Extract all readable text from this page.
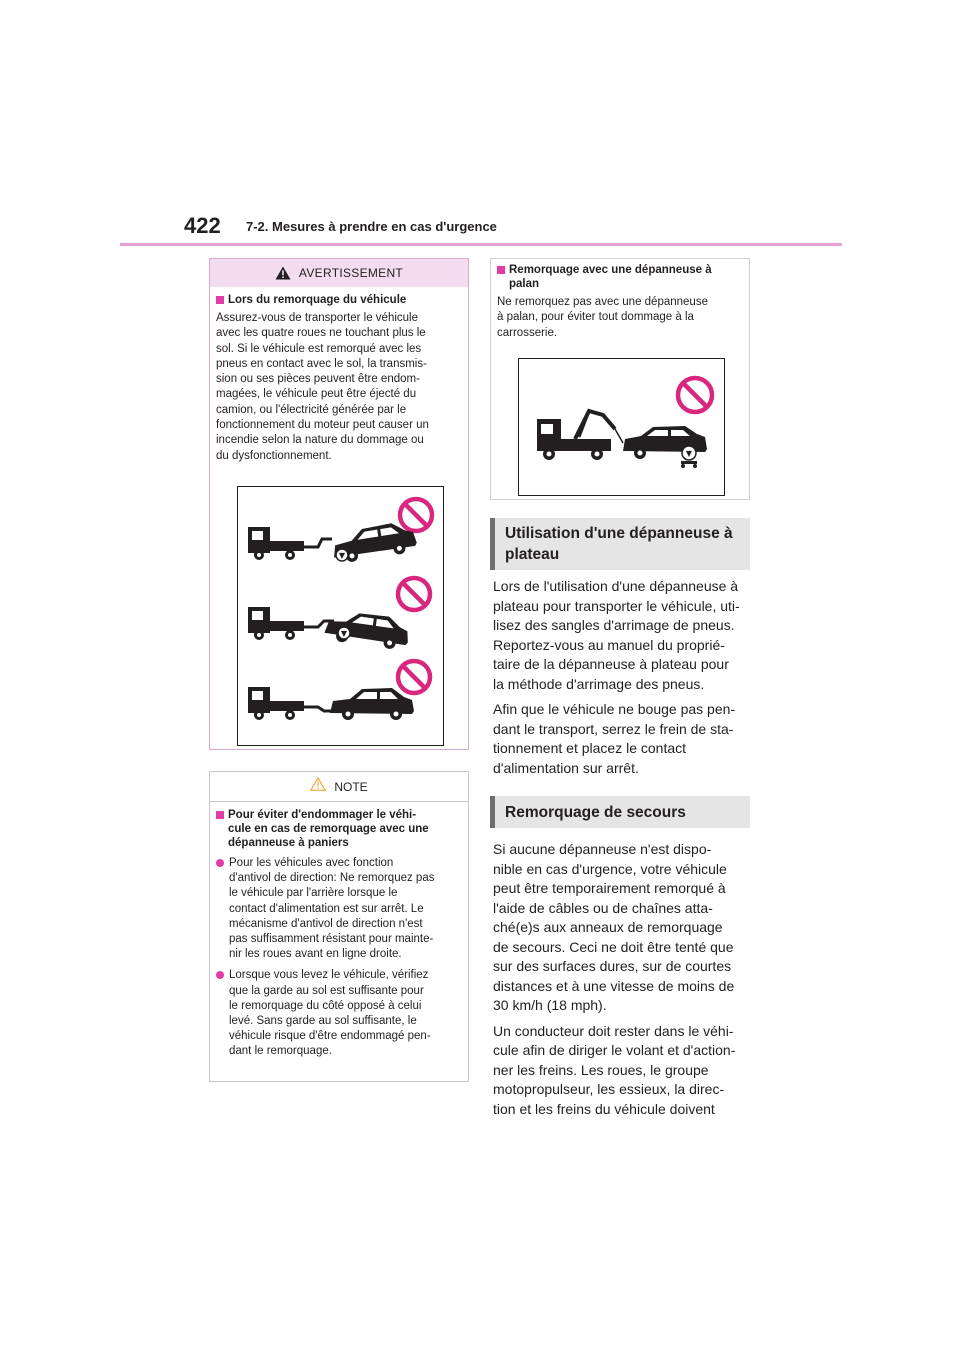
422 7-2. Mesures à prendre en cas d'urgence
AVERTISSEMENT
Lors du remorquage du véhicule
Assurez-vous de transporter le véhicule
avec les quatre roues ne touchant plus le
sol. Si le véhicule est remorqué avec les
pneus en contact avec le sol, la transmis-
sion ou ses pièces peuvent être endom-
magées, le véhicule peut être éjecté du
camion, ou l'électricité générée par le
fonctionnement du moteur peut causer un
incendie selon la nature du dommage ou
du dysfonctionnement.
▼
▼
NOTE
Pour éviter d'endommager le véhi-
cule en cas de remorquage avec une
dépanneuse à paniers
Pour les véhicules avec fonction
d'antivol de direction: Ne remorquez pas
le véhicule par l'arrière lorsque le
contact d'alimentation est sur arrêt. Le
mécanisme d'antivol de direction n'est
pas suffisamment résistant pour mainte-
nir les roues avant en ligne droite.
Lorsque vous levez le véhicule, vérifiez
que la garde au sol est suffisante pour
le remorquage du côté opposé à celui
levé. Sans garde au sol suffisante, le
véhicule risque d'être endommagé pen-
dant le remorquage.
Remorquage avec une dépanneuse à
palan
Ne remorquez pas avec une dépanneuse
à palan, pour éviter tout dommage à la
carrosserie.
▼
Utilisation d'une dépanneuse à
plateau

Lors de l'utilisation d'une dépanneuse à
plateau pour transporter le véhicule, uti-
lisez des sangles d'arrimage de pneus.
Reportez-vous au manuel du proprié-
taire de la dépanneuse à plateau pour
la méthode d'arrimage des pneus.

Afin que le véhicule ne bouge pas pen-
dant le transport, serrez le frein de sta-
tionnement et placez le contact
d'alimentation sur arrêt.

Remorquage de secours

Si aucune dépanneuse n'est dispo-
nible en cas d'urgence, votre véhicule
peut être temporairement remorqué à
l'aide de câbles ou de chaînes atta-
ché(e)s aux anneaux de remorquage
de secours. Ceci ne doit être tenté que
sur des surfaces dures, sur de courtes
distances et à une vitesse de moins de
30 km/h (18 mph).

Un conducteur doit rester dans le véhi-
cule afin de diriger le volant et d'action-
ner les freins. Les roues, le groupe
motopropulseur, les essieux, la direc-
tion et les freins du véhicule doivent
